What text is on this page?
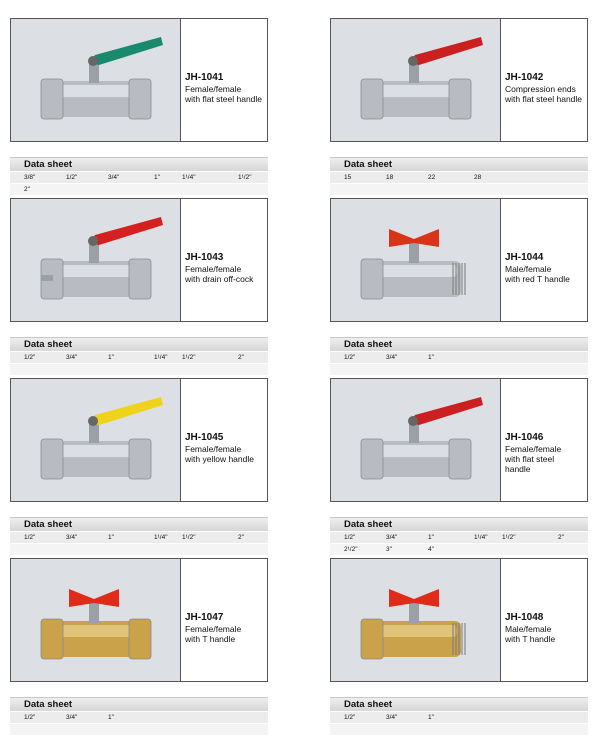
JH-1041
Female/female
with flat steel handle
Data sheet
3/8"	1/2"	3/4"	1"	1¹/4"	1¹/2"
2"
JH-1042
Compression ends
with flat steel handle
Data sheet
15	18	22	28
JH-1043
Female/female
with drain off-cock
Data sheet
1/2"	3/4"	1"	1¹/4" 1¹/2"	2"
JH-1044
Male/female
with red T handle
Data sheet
1/2"	3/4"	1"
JH-1045
Female/female
with yellow handle
Data sheet
1/2"	3/4"	1"	1¹/4" 1¹/2"	2"
JH-1046
Female/female
with flat steel
handle
Data sheet
1/2"	3/4"	1"	1¹/4" 1¹/2"	2"
2¹/2"	3"	4"
JH-1047
Female/female
with T handle
Data sheet
1/2"	3/4"	1"
JH-1048
Male/female
with T handle
Data sheet
1/2"	3/4"	1"
